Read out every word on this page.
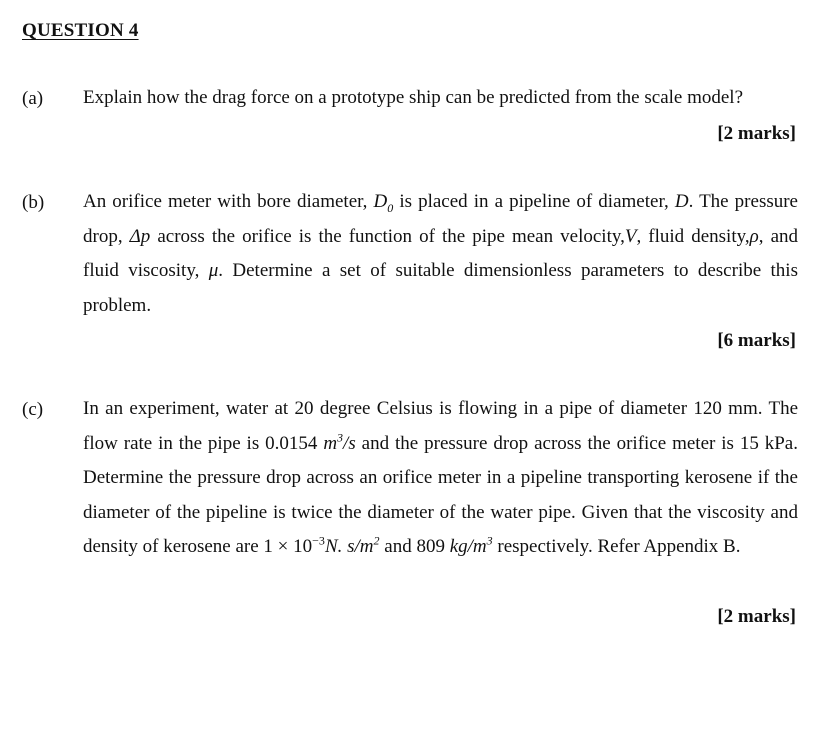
QUESTION 4
(a) Explain how the drag force on a prototype ship can be predicted from the scale model?
[2 marks]
(b) An orifice meter with bore diameter, $D_0$ is placed in a pipeline of diameter, D. The pressure drop, Δp across the orifice is the function of the pipe mean velocity,V, fluid density,ρ, and fluid viscosity, μ. Determine a set of suitable dimensionless parameters to describe this problem.
[6 marks]
(c) In an experiment, water at 20 degree Celsius is flowing in a pipe of diameter 120 mm. The flow rate in the pipe is 0.0154 $m^3/s$ and the pressure drop across the orifice meter is 15 kPa. Determine the pressure drop across an orifice meter in a pipeline transporting kerosene if the diameter of the pipeline is twice the diameter of the water pipe. Given that the viscosity and density of kerosene are $1 \times 10^{-3}N$. $s/m^2$ and 809 $kg/m^3$ respectively. Refer Appendix B.
[2 marks]
